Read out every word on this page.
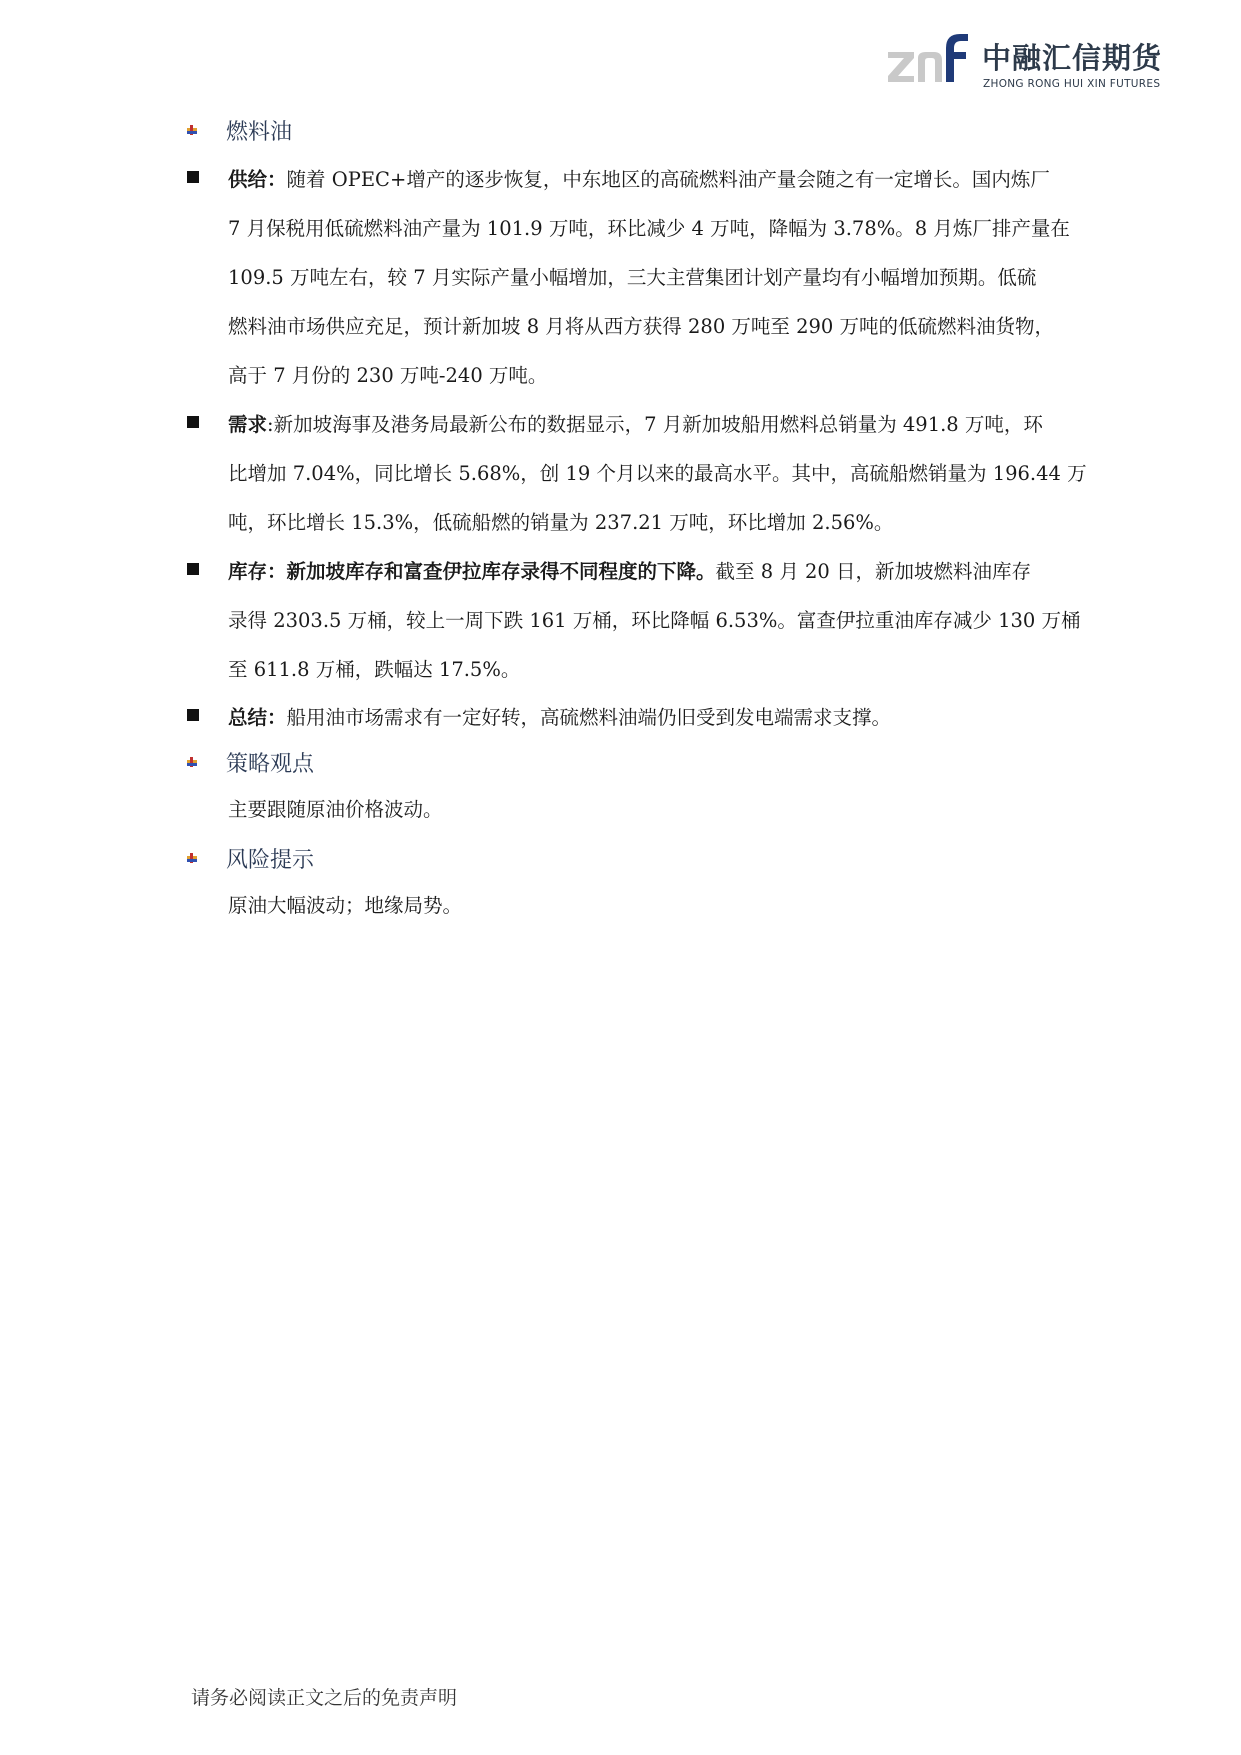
中融汇信期货
ZHONG RONG HUI XIN FUTURES
燃料油
供给：随着 OPEC+增产的逐步恢复，中东地区的高硫燃料油产量会随之有一定增长。国内炼厂
7 月保税用低硫燃料油产量为 101.9 万吨，环比减少 4 万吨，降幅为 3.78%。8 月炼厂排产量在
109.5 万吨左右，较 7 月实际产量小幅增加，三大主营集团计划产量均有小幅增加预期。低硫
燃料油市场供应充足，预计新加坡 8 月将从西方获得 280 万吨至 290 万吨的低硫燃料油货物，
高于 7 月份的 230 万吨-240 万吨。
需求:新加坡海事及港务局最新公布的数据显示，7 月新加坡船用燃料总销量为 491.8 万吨，环
比增加 7.04%，同比增长 5.68%，创 19 个月以来的最高水平。其中，高硫船燃销量为 196.44 万
吨，环比增长 15.3%，低硫船燃的销量为 237.21 万吨，环比增加 2.56%。
库存：新加坡库存和富查伊拉库存录得不同程度的下降。截至 8 月 20 日，新加坡燃料油库存
录得 2303.5 万桶，较上一周下跌 161 万桶，环比降幅 6.53%。富查伊拉重油库存减少 130 万桶
至 611.8 万桶，跌幅达 17.5%。
总结：船用油市场需求有一定好转，高硫燃料油端仍旧受到发电端需求支撑。
策略观点
主要跟随原油价格波动。
风险提示
原油大幅波动；地缘局势。
请务必阅读正文之后的免责声明
